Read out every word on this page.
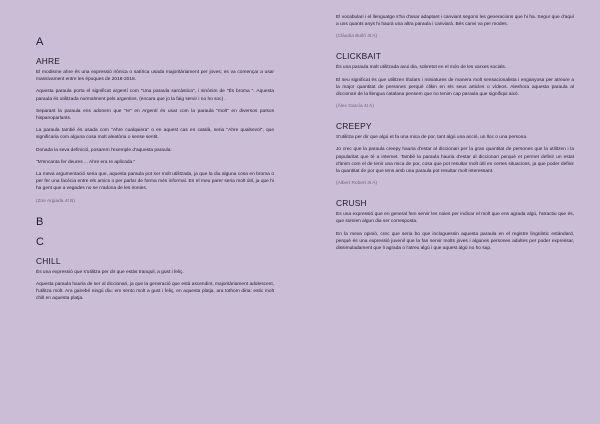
A
AHRE

El modisme ahre és una expressió irònica o satírica usada majoritàriament per joves; es va començar a usar massivament entre les èpoques de 2016-2018.

Aquesta paraula porta el significat argentí com "Una paraula sarcàstica", i sinònim de "És broma ". Aquesta paraula és utilitzada normalment pels argentins, (encara que jo la faig servir i no ho soc) .

Separant la paraula ens adonem que "re" en Argentí és usat com la paraula "molt" en diversos països hispanoparlants.

La paraula també és usada com "Ahre cualquiera" o en aquest cas en català, seria "Ahre qualsevol", que significaria com alguna cosa molt aleatòria o sense sentit.

Donada la seva definició, posarem l'exemple d'aquesta paraula:

"M'encanta fer deures ... Ahre era re aplicada."

La meva argumentació seria que, aquesta paraula pot ser molt utilitzada, ja que la diu alguna cosa en broma o per fer una facècia entre els amics o per parlar de forma més informal. En el meu parer seria molt útil, ja que hi ha gent que a vegades no se n'adona de les ironies.

(Zoe Argiada 4t B)
B
C
CHILL

És una expressió que s'utilitza per dir que estàs tranquil, a gust i feliç.

Aquesta paraula hauria de ser al diccionari, ja que la generació que està ascendint, majoritàriament adolescent, l'utilitza molt. Ara gairebé ningú diu: em sento molt a gust i feliç, en aquesta platja, ara tothom diria: estic molt chill en aquesta platja.

El vocabulari i el llenguatge s'ha d'anar adaptant i canviant segons les generacions que hi ha. Segur que d'aquí a uns quants anys hi haurà una altra paraula i canviarà. Bés canvi va per modes.

(Clàudia Bulló 4t A)
CLICKBAIT

És una paraula molt utilitzada avui dia, sobretot en el món de les xarxes socials.

El seu significat és que utilitzen títulars i miniatures de manera molt sensacionalista i enganyosa per atreure a la major quantitat de persones perquè clikin en els seus articles o vídeos. Aleshora aquesta paraula al diccionari de la llengua catalana pensem que no tenim cap paraula que signifiqui això.

(Àlex García 4t A)
CREEPY

S'utilitza per dir que algú et fa una mica de por, tant algú una acció, un lloc o una persona.

Jo crec que la paraula creepy hauria d'estar al diccionari per la gran quantitat de persones que la utilitzen i la popularitat que té a internet. També la paraula hauria d'estar al diccionari perquè et permet definir un estat d'ànim com el de tenir una mica de por, cosa que pot resultar molt útil en certes situacions, ja que poder definir la quantitat de por que tens amb una paraula pot resultar molt interessant.

(Albert Robert 4t A)
CRUSH

Es una expressió que en general fem servir les noies per indicar el molt que ens agrada algú, l'atractiu que és, que somien algun dia ser correspostа.

En la meva opinió, crec que seria bo que incloguessin aquesta paraula en el registre lingüístic estàndard, perquè és una expressió juvenil que la fan servir molts joves i algunes persones adultes per poder expressar, dissimuladament que li agrada o l'atreu algú i que aquest algú no ho sap.
